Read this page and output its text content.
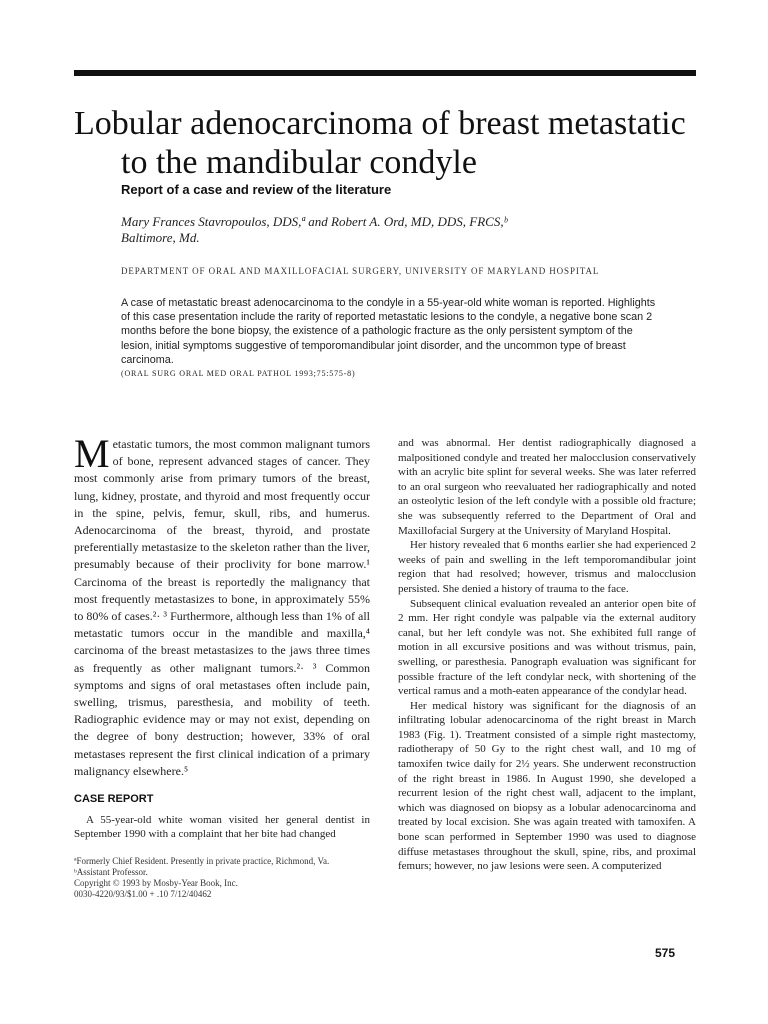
Lobular adenocarcinoma of breast metastatic
to the mandibular condyle
Report of a case and review of the literature
Mary Frances Stavropoulos, DDS,ª and Robert A. Ord, MD, DDS, FRCS,ᵇ
Baltimore, Md.
DEPARTMENT OF ORAL AND MAXILLOFACIAL SURGERY, UNIVERSITY OF MARYLAND HOSPITAL
A case of metastatic breast adenocarcinoma to the condyle in a 55-year-old white woman is reported. Highlights of this case presentation include the rarity of reported metastatic lesions to the condyle, a negative bone scan 2 months before the bone biopsy, the existence of a pathologic fracture as the only persistent symptom of the lesion, initial symptoms suggestive of temporomandibular joint disorder, and the uncommon type of breast carcinoma.
(ORAL SURG ORAL MED ORAL PATHOL 1993;75:575-8)

Metastatic tumors, the most common malignant tumors of bone, represent advanced stages of cancer. They most commonly arise from primary tumors of the breast, lung, kidney, prostate, and thyroid and most frequently occur in the spine, pelvis, femur, skull, ribs, and humerus. Adenocarcinoma of the breast, thyroid, and prostate preferentially metastasize to the skeleton rather than the liver, presumably because of their proclivity for bone marrow.¹ Carcinoma of the breast is reportedly the malignancy that most frequently metastasizes to bone, in approximately 55% to 80% of cases.²· ³ Furthermore, although less than 1% of all metastatic tumors occur in the mandible and maxilla,⁴ carcinoma of the breast metastasizes to the jaws three times as frequently as other malignant tumors.²· ³ Common symptoms and signs of oral metastases often include pain, swelling, trismus, paresthesia, and mobility of teeth. Radiographic evidence may or may not exist, depending on the degree of bony destruction; however, 33% of oral metastases represent the first clinical indication of a primary malignancy elsewhere.⁵

CASE REPORT

A 55-year-old white woman visited her general dentist in September 1990 with a complaint that her bite had changed

ªFormerly Chief Resident. Presently in private practice, Richmond, Va.
ᵇAssistant Professor.
Copyright © 1993 by Mosby-Year Book, Inc.
0030-4220/93/$1.00 + .10 7/12/40462

and was abnormal. Her dentist radiographically diagnosed a malpositioned condyle and treated her malocclusion conservatively with an acrylic bite splint for several weeks. She was later referred to an oral surgeon who reevaluated her radiographically and noted an osteolytic lesion of the left condyle with a possible old fracture; she was subsequently referred to the Department of Oral and Maxillofacial Surgery at the University of Maryland Hospital.

Her history revealed that 6 months earlier she had experienced 2 weeks of pain and swelling in the left temporomandibular joint region that had resolved; however, trismus and malocclusion persisted. She denied a history of trauma to the face.

Subsequent clinical evaluation revealed an anterior open bite of 2 mm. Her right condyle was palpable via the external auditory canal, but her left condyle was not. She exhibited full range of motion in all excursive positions and was without trismus, pain, swelling, or paresthesia. Panograph evaluation was significant for possible fracture of the left condylar neck, with shortening of the vertical ramus and a moth-eaten appearance of the condylar head.

Her medical history was significant for the diagnosis of an infiltrating lobular adenocarcinoma of the right breast in March 1983 (Fig. 1). Treatment consisted of a simple right mastectomy, radiotherapy of 50 Gy to the right chest wall, and 10 mg of tamoxifen twice daily for 2½ years. She underwent reconstruction of the right breast in 1986. In August 1990, she developed a recurrent lesion of the right chest wall, adjacent to the implant, which was diagnosed on biopsy as a lobular adenocarcinoma and treated by local excision. She was again treated with tamoxifen. A bone scan performed in September 1990 was used to diagnose diffuse metastases throughout the skull, spine, ribs, and proximal femurs; however, no jaw lesions were seen. A computerized

575
